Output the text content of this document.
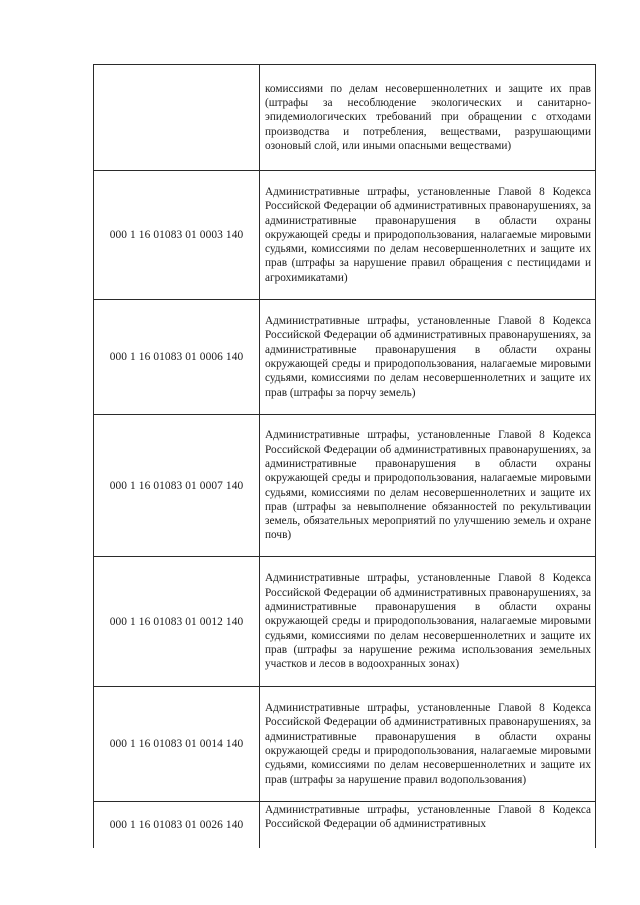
	комиссиями по делам несовершеннолетних и защите их прав (штрафы за несоблюдение экологических и санитарно-эпидемиологических требований при обращении с отходами производства и потребления, веществами, разрушающими озоновый слой, или иными опасными веществами)

000 1 16 01083 01 0003 140	Административные штрафы, установленные Главой 8 Кодекса Российской Федерации об административных правонарушениях, за административные правонарушения в области охраны окружающей среды и природопользования, налагаемые мировыми судьями, комиссиями по делам несовершеннолетних и защите их прав (штрафы за нарушение правил обращения с пестицидами и агрохимикатами)

000 1 16 01083 01 0006 140	Административные штрафы, установленные Главой 8 Кодекса Российской Федерации об административных правонарушениях, за административные правонарушения в области охраны окружающей среды и природопользования, налагаемые мировыми судьями, комиссиями по делам несовершеннолетних и защите их прав (штрафы за порчу земель)

000 1 16 01083 01 0007 140	Административные штрафы, установленные Главой 8 Кодекса Российской Федерации об административных правонарушениях, за административные правонарушения в области охраны окружающей среды и природопользования, налагаемые мировыми судьями, комиссиями по делам несовершеннолетних и защите их прав (штрафы за невыполнение обязанностей по рекультивации земель, обязательных мероприятий по улучшению земель и охране почв)

000 1 16 01083 01 0012 140	Административные штрафы, установленные Главой 8 Кодекса Российской Федерации об административных правонарушениях, за административные правонарушения в области охраны окружающей среды и природопользования, налагаемые мировыми судьями, комиссиями по делам несовершеннолетних и защите их прав (штрафы за нарушение режима использования земельных участков и лесов в водоохранных зонах)

000 1 16 01083 01 0014 140	Административные штрафы, установленные Главой 8 Кодекса Российской Федерации об административных правонарушениях, за административные правонарушения в области охраны окружающей среды и природопользования, налагаемые мировыми судьями, комиссиями по делам несовершеннолетних и защите их прав (штрафы за нарушение правил водопользования)

000 1 16 01083 01 0026 140	Административные штрафы, установленные Главой 8 Кодекса Российской Федерации об административных
